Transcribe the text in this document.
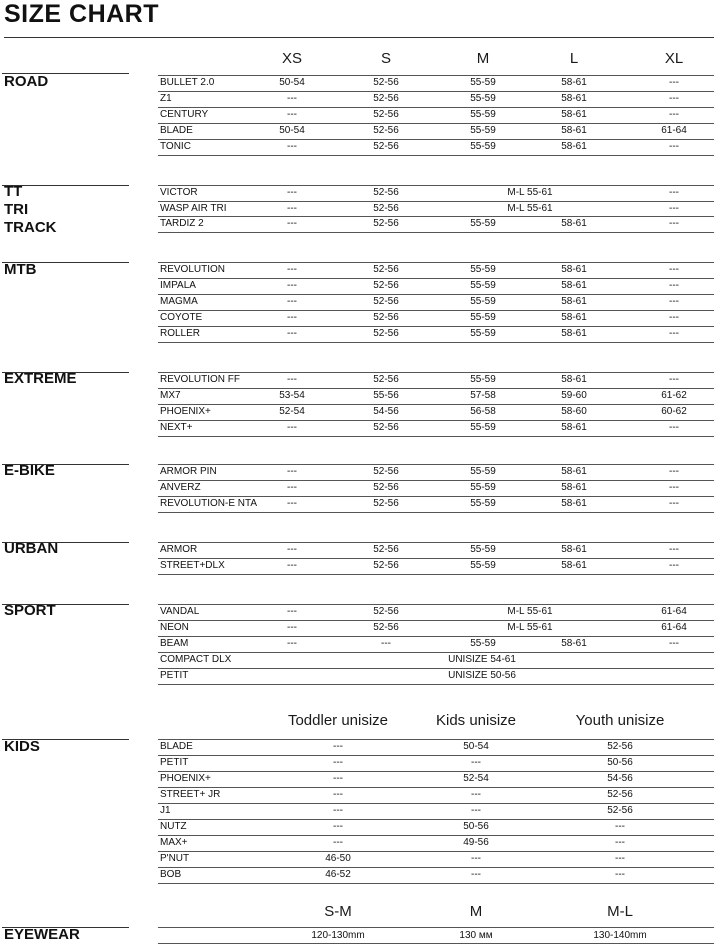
SIZE CHART
XS	S	M	L	XL
ROAD	BULLET 2.0	50-54	52-56	55-59	58-61	---
Z1	---	52-56	55-59	58-61	---
CENTURY	---	52-56	55-59	58-61	---
BLADE	50-54	52-56	55-59	58-61	61-64
TONIC	---	52-56	55-59	58-61	---
TT
TRI
TRACK
VICTOR	---	52-56	M-L 55-61	---
WASP AIR TRI	---	52-56	M-L 55-61	---
TARDIZ 2	---	52-56	55-59	58-61	---
MTB	REVOLUTION	---	52-56	55-59	58-61	---
IMPALA	---	52-56	55-59	58-61	---
MAGMA	---	52-56	55-59	58-61	---
COYOTE	---	52-56	55-59	58-61	---
ROLLER	---	52-56	55-59	58-61	---
EXTREME	REVOLUTION FF	---	52-56	55-59	58-61	---
MX7	53-54	55-56	57-58	59-60	61-62
PHOENIX+	52-54	54-56	56-58	58-60	60-62
NEXT+	---	52-56	55-59	58-61	---
E-BIKE	ARMOR PIN	---	52-56	55-59	58-61	---
ANVERZ	---	52-56	55-59	58-61	---
REVOLUTION-E NTA	---	52-56	55-59	58-61	---
URBAN	ARMOR	---	52-56	55-59	58-61	---
STREET+DLX	---	52-56	55-59	58-61	---
SPORT	VANDAL	---	52-56	M-L 55-61	61-64
NEON	---	52-56	M-L 55-61	61-64
BEAM	---	---	55-59	58-61	---
COMPACT DLX	UNISIZE 54-61
PETIT	UNISIZE 50-56
Toddler unisize	Kids unisize	Youth unisize
KIDS	BLADE	---	50-54	52-56
PETIT	---	---	50-56
PHOENIX+	---	52-54	54-56
STREET+ JR	---	---	52-56
J1	---	---	52-56
NUTZ	---	50-56	---
MAX+	---	49-56	---
P'NUT	46-50	---	---
BOB	46-52	---	---
S-M	M	M-L
EYEWEAR	120-130mm	130 мм	130-140mm
